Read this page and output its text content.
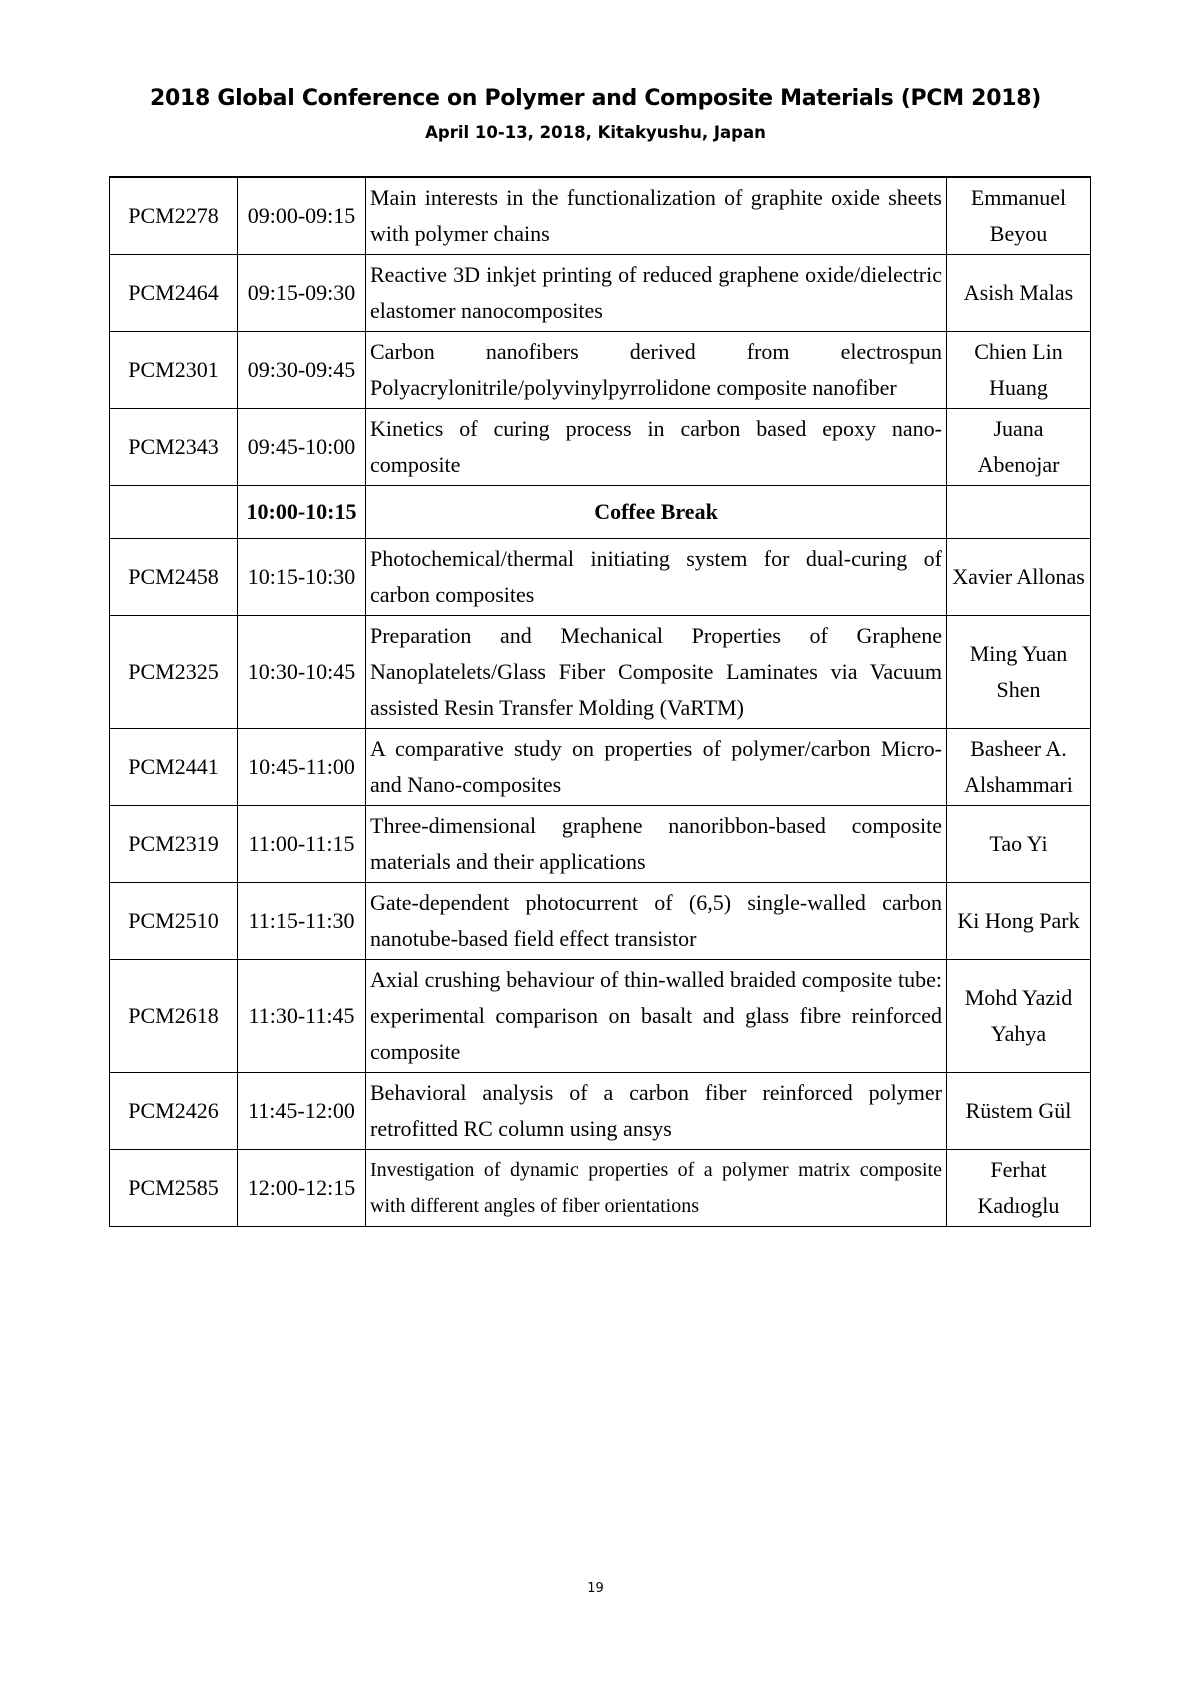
2018 Global Conference on Polymer and Composite Materials (PCM 2018)
April 10-13, 2018, Kitakyushu, Japan
PCM2278	09:00-09:15	Main interests in the functionalization of graphite oxide sheets with polymer chains	Emmanuel Beyou
PCM2464	09:15-09:30	Reactive 3D inkjet printing of reduced graphene oxide/dielectric elastomer nanocomposites	Asish Malas
PCM2301	09:30-09:45	Carbon nanofibers derived from electrospun Polyacrylonitrile/polyvinylpyrrolidone composite nanofiber	Chien Lin Huang
PCM2343	09:45-10:00	Kinetics of curing process in carbon based epoxy nano-composite	Juana Abenojar
	10:00-10:15	Coffee Break	
PCM2458	10:15-10:30	Photochemical/thermal initiating system for dual-curing of carbon composites	Xavier Allonas
PCM2325	10:30-10:45	Preparation and Mechanical Properties of Graphene Nanoplatelets/Glass Fiber Composite Laminates via Vacuum assisted Resin Transfer Molding (VaRTM)	Ming Yuan Shen
PCM2441	10:45-11:00	A comparative study on properties of polymer/carbon Micro- and Nano-composites	Basheer A. Alshammari
PCM2319	11:00-11:15	Three-dimensional graphene nanoribbon-based composite materials and their applications	Tao Yi
PCM2510	11:15-11:30	Gate-dependent photocurrent of (6,5) single-walled carbon nanotube-based field effect transistor	Ki Hong Park
PCM2618	11:30-11:45	Axial crushing behaviour of thin-walled braided composite tube: experimental comparison on basalt and glass fibre reinforced composite	Mohd Yazid Yahya
PCM2426	11:45-12:00	Behavioral analysis of a carbon fiber reinforced polymer retrofitted RC column using ansys	Rüstem Gül
PCM2585	12:00-12:15	Investigation of dynamic properties of a polymer matrix composite with different angles of fiber orientations	Ferhat Kadıoglu
19
